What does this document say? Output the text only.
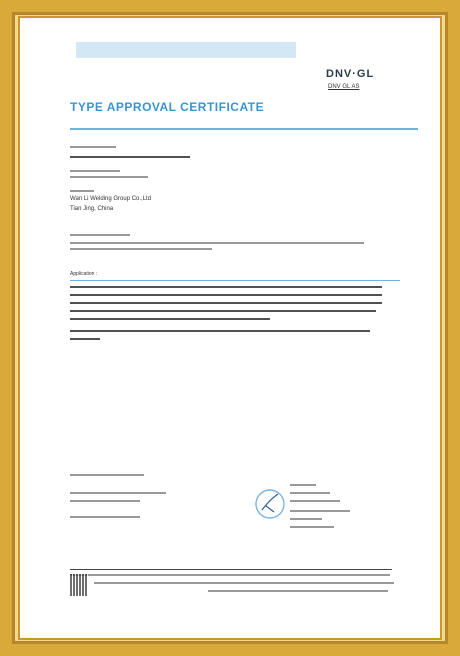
DNV·GL
DNV GL AS
TYPE APPROVAL CERTIFICATE
Wan Li Welding Group Co.,Ltd
Tian Jing, China
Application :
